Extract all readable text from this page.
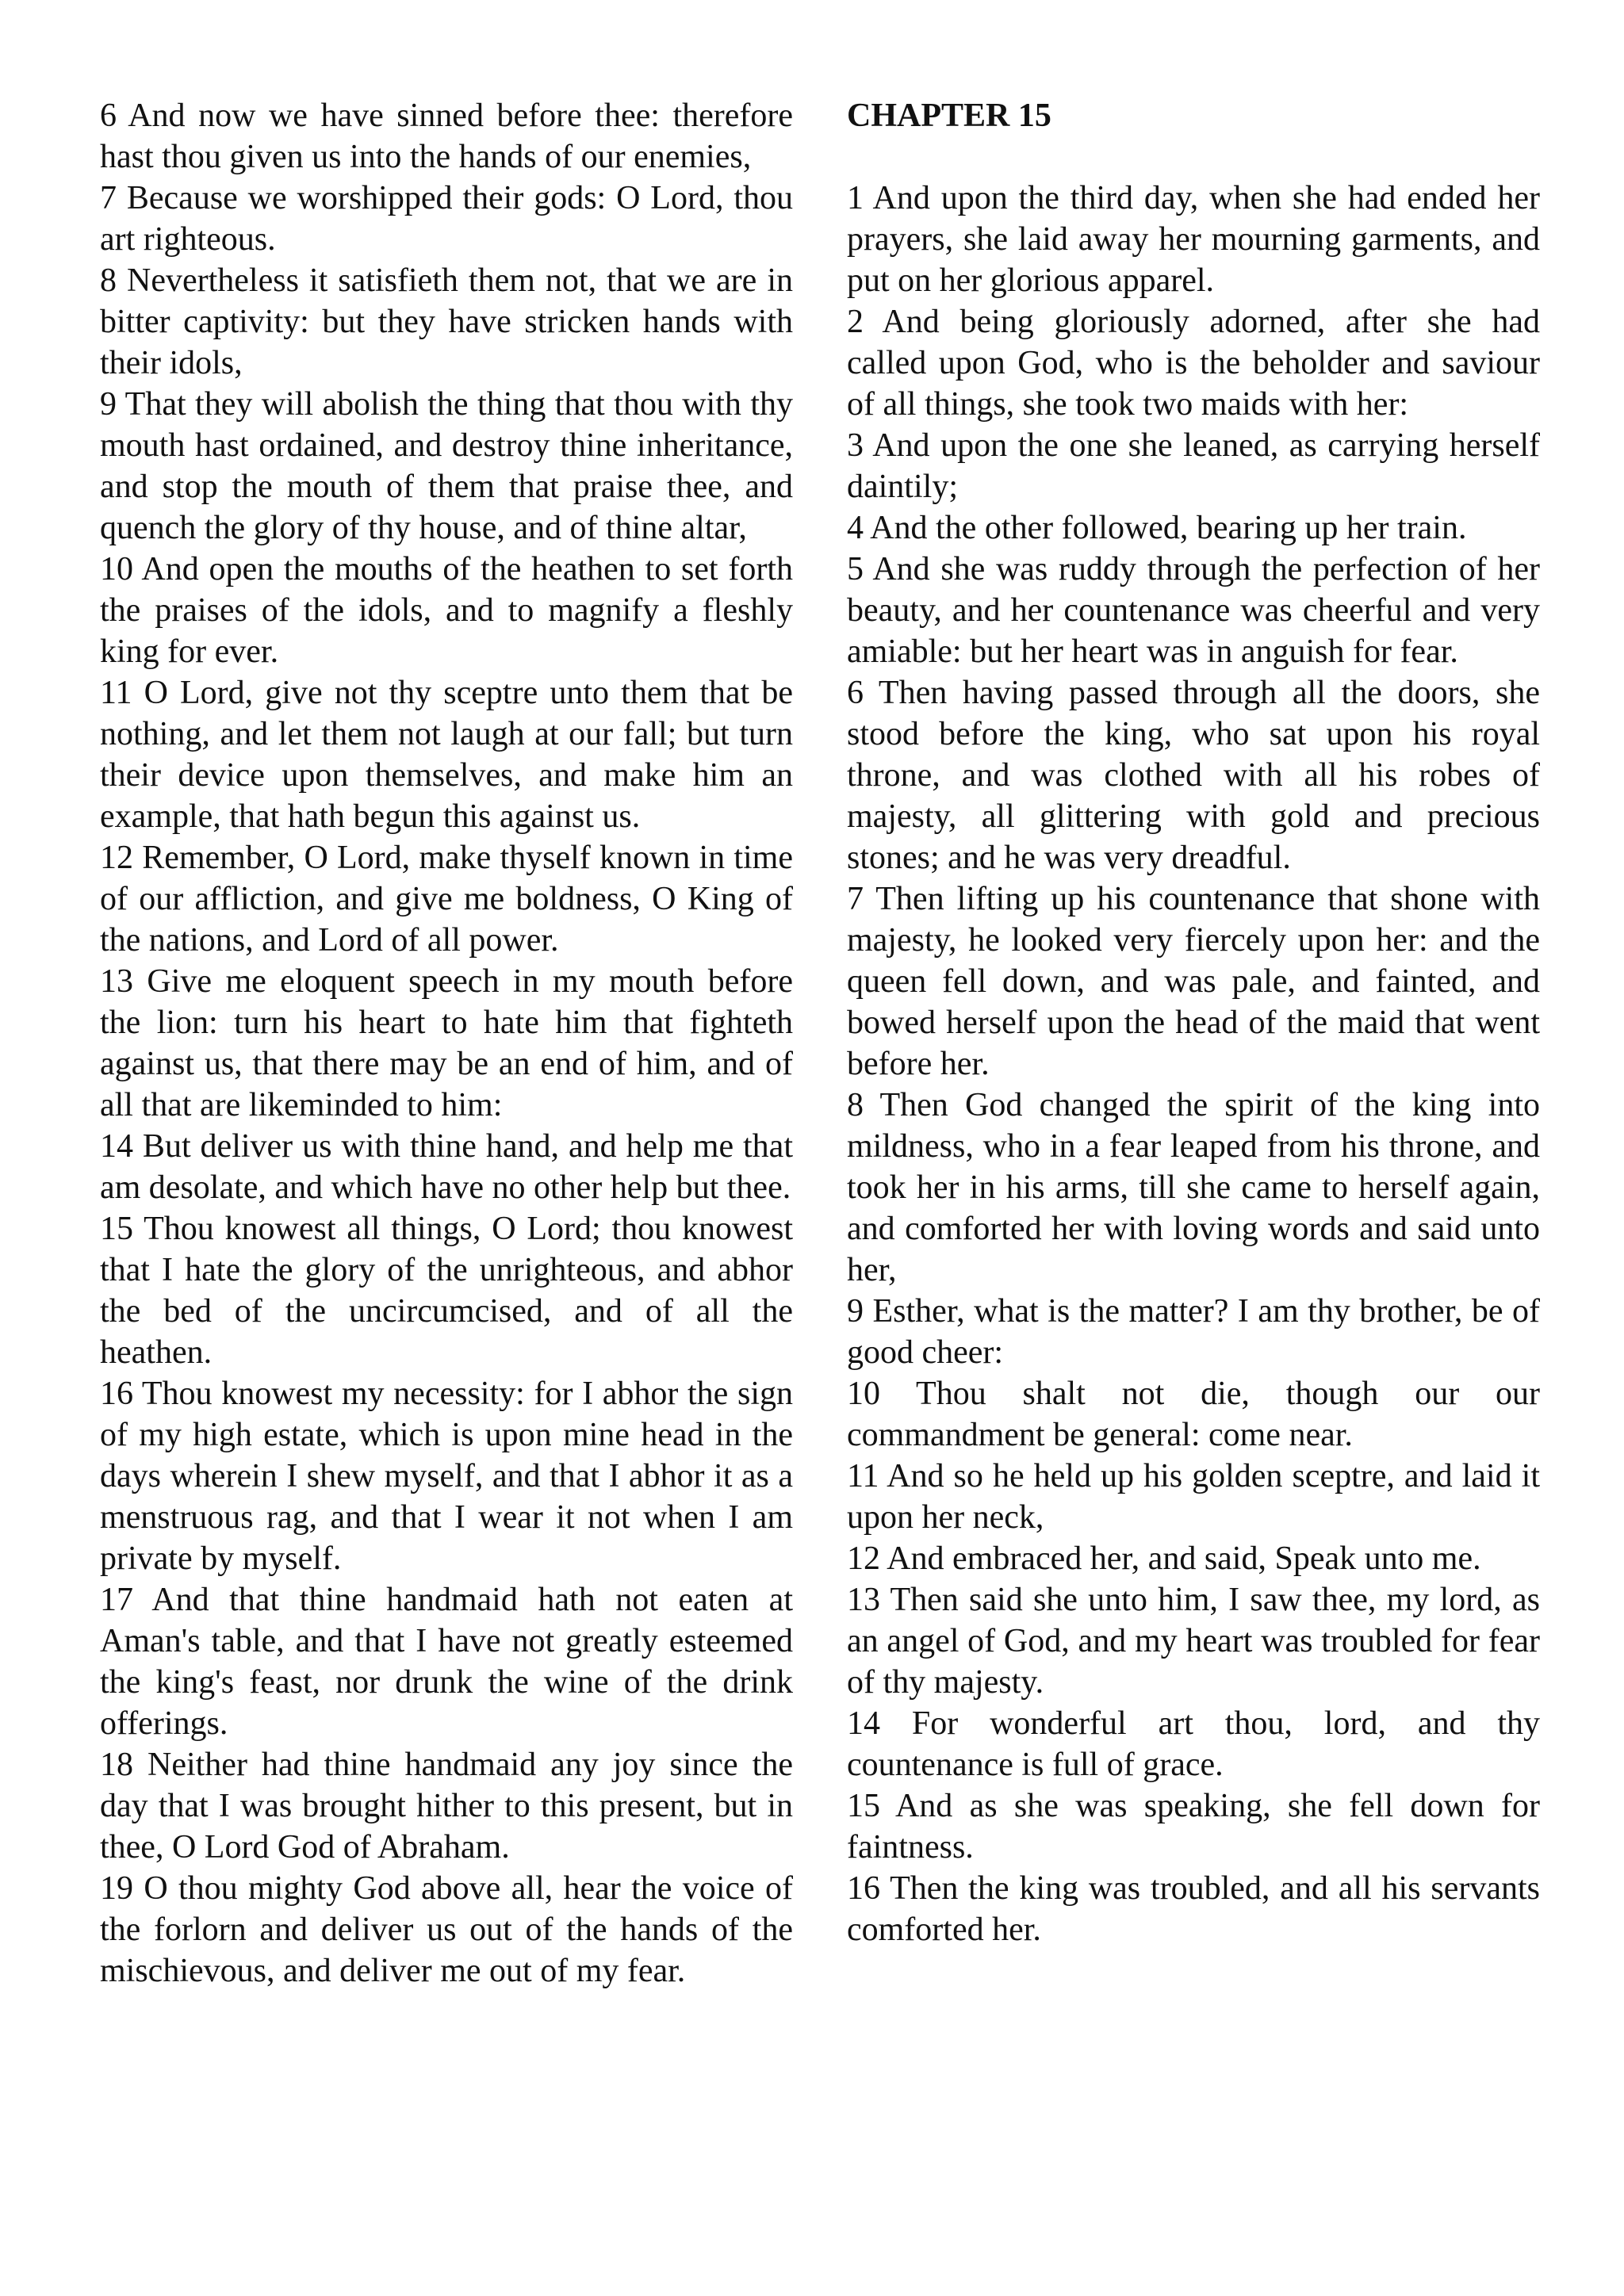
6 And now we have sinned before thee: therefore hast thou given us into the hands of our enemies,

7 Because we worshipped their gods: O Lord, thou art righteous.

8 Nevertheless it satisfieth them not, that we are in bitter captivity: but they have stricken hands with their idols,

9 That they will abolish the thing that thou with thy mouth hast ordained, and destroy thine inheritance, and stop the mouth of them that praise thee, and quench the glory of thy house, and of thine altar,

10 And open the mouths of the heathen to set forth the praises of the idols, and to magnify a fleshly king for ever.

11 O Lord, give not thy sceptre unto them that be nothing, and let them not laugh at our fall; but turn their device upon themselves, and make him an example, that hath begun this against us.

12 Remember, O Lord, make thyself known in time of our affliction, and give me boldness, O King of the nations, and Lord of all power.

13 Give me eloquent speech in my mouth before the lion: turn his heart to hate him that fighteth against us, that there may be an end of him, and of all that are likeminded to him:

14 But deliver us with thine hand, and help me that am desolate, and which have no other help but thee.

15 Thou knowest all things, O Lord; thou knowest that I hate the glory of the unrighteous, and abhor the bed of the uncircumcised, and of all the heathen.

16 Thou knowest my necessity: for I abhor the sign of my high estate, which is upon mine head in the days wherein I shew myself, and that I abhor it as a menstruous rag, and that I wear it not when I am private by myself.

17 And that thine handmaid hath not eaten at Aman's table, and that I have not greatly esteemed the king's feast, nor drunk the wine of the drink offerings.

18 Neither had thine handmaid any joy since the day that I was brought hither to this present, but in thee, O Lord God of Abraham.

19 O thou mighty God above all, hear the voice of the forlorn and deliver us out of the hands of the mischievous, and deliver me out of my fear.

CHAPTER 15

1 And upon the third day, when she had ended her prayers, she laid away her mourning garments, and put on her glorious apparel.

2 And being gloriously adorned, after she had called upon God, who is the beholder and saviour of all things, she took two maids with her:

3 And upon the one she leaned, as carrying herself daintily;

4 And the other followed, bearing up her train.

5 And she was ruddy through the perfection of her beauty, and her countenance was cheerful and very amiable: but her heart was in anguish for fear.

6 Then having passed through all the doors, she stood before the king, who sat upon his royal throne, and was clothed with all his robes of majesty, all glittering with gold and precious stones; and he was very dreadful.

7 Then lifting up his countenance that shone with majesty, he looked very fiercely upon her: and the queen fell down, and was pale, and fainted, and bowed herself upon the head of the maid that went before her.

8 Then God changed the spirit of the king into mildness, who in a fear leaped from his throne, and took her in his arms, till she came to herself again, and comforted her with loving words and said unto her,

9 Esther, what is the matter? I am thy brother, be of good cheer:

10 Thou shalt not die, though our our commandment be general: come near.

11 And so he held up his golden sceptre, and laid it upon her neck,

12 And embraced her, and said, Speak unto me.

13 Then said she unto him, I saw thee, my lord, as an angel of God, and my heart was troubled for fear of thy majesty.

14 For wonderful art thou, lord, and thy countenance is full of grace.

15 And as she was speaking, she fell down for faintness.

16 Then the king was troubled, and all his servants comforted her.
